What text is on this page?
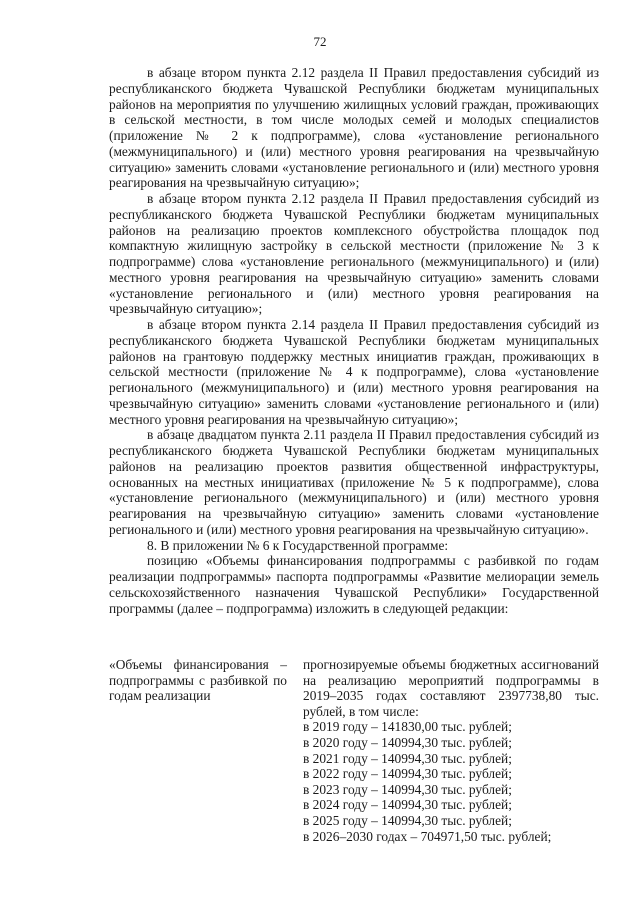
72

в абзаце втором пункта 2.12 раздела II Правил предоставления субсидий из республиканского бюджета Чувашской Республики бюджетам муниципальных районов на мероприятия по улучшению жилищных условий граждан, проживающих в сельской местности, в том числе молодых семей и молодых специалистов (приложение № 2 к подпрограмме), слова «установление регионального (межмуниципального) и (или) местного уровня реагирования на чрезвычайную ситуацию» заменить словами «установление регионального и (или) местного уровня реагирования на чрезвычайную ситуацию»;

в абзаце втором пункта 2.12 раздела II Правил предоставления субсидий из республиканского бюджета Чувашской Республики бюджетам муниципальных районов на реализацию проектов комплексного обустройства площадок под компактную жилищную застройку в сельской местности (приложение № 3 к подпрограмме) слова «установление регионального (межмуниципального) и (или) местного уровня реагирования на чрезвычайную ситуацию» заменить словами «установление регионального и (или) местного уровня реагирования на чрезвычайную ситуацию»;

в абзаце втором пункта 2.14 раздела II Правил предоставления субсидий из республиканского бюджета Чувашской Республики бюджетам муниципальных районов на грантовую поддержку местных инициатив граждан, проживающих в сельской местности (приложение № 4 к подпрограмме), слова «установление регионального (межмуниципального) и (или) местного уровня реагирования на чрезвычайную ситуацию» заменить словами «установление регионального и (или) местного уровня реагирования на чрезвычайную ситуацию»;

в абзаце двадцатом пункта 2.11 раздела II Правил предоставления субсидий из республиканского бюджета Чувашской Республики бюджетам муниципальных районов на реализацию проектов развития общественной инфраструктуры, основанных на местных инициативах (приложение № 5 к подпрограмме), слова «установление регионального (межмуниципального) и (или) местного уровня реагирования на чрезвычайную ситуацию» заменить словами «установление регионального и (или) местного уровня реагирования на чрезвычайную ситуацию».

8. В приложении № 6 к Государственной программе:

позицию «Объемы финансирования подпрограммы с разбивкой по годам реализации подпрограммы» паспорта подпрограммы «Развитие мелиорации земель сельскохозяйственного назначения Чувашской Республики» Государственной программы (далее – подпрограмма) изложить в следующей редакции:

«Объемы финансирования – подпрограммы с разбивкой по годам реализации
прогнозируемые объемы бюджетных ассигнований на реализацию мероприятий подпрограммы в 2019–2035 годах составляют 2397738,80 тыс. рублей, в том числе:
в 2019 году – 141830,00 тыс. рублей;
в 2020 году – 140994,30 тыс. рублей;
в 2021 году – 140994,30 тыс. рублей;
в 2022 году – 140994,30 тыс. рублей;
в 2023 году – 140994,30 тыс. рублей;
в 2024 году – 140994,30 тыс. рублей;
в 2025 году – 140994,30 тыс. рублей;
в 2026–2030 годах – 704971,50 тыс. рублей;
